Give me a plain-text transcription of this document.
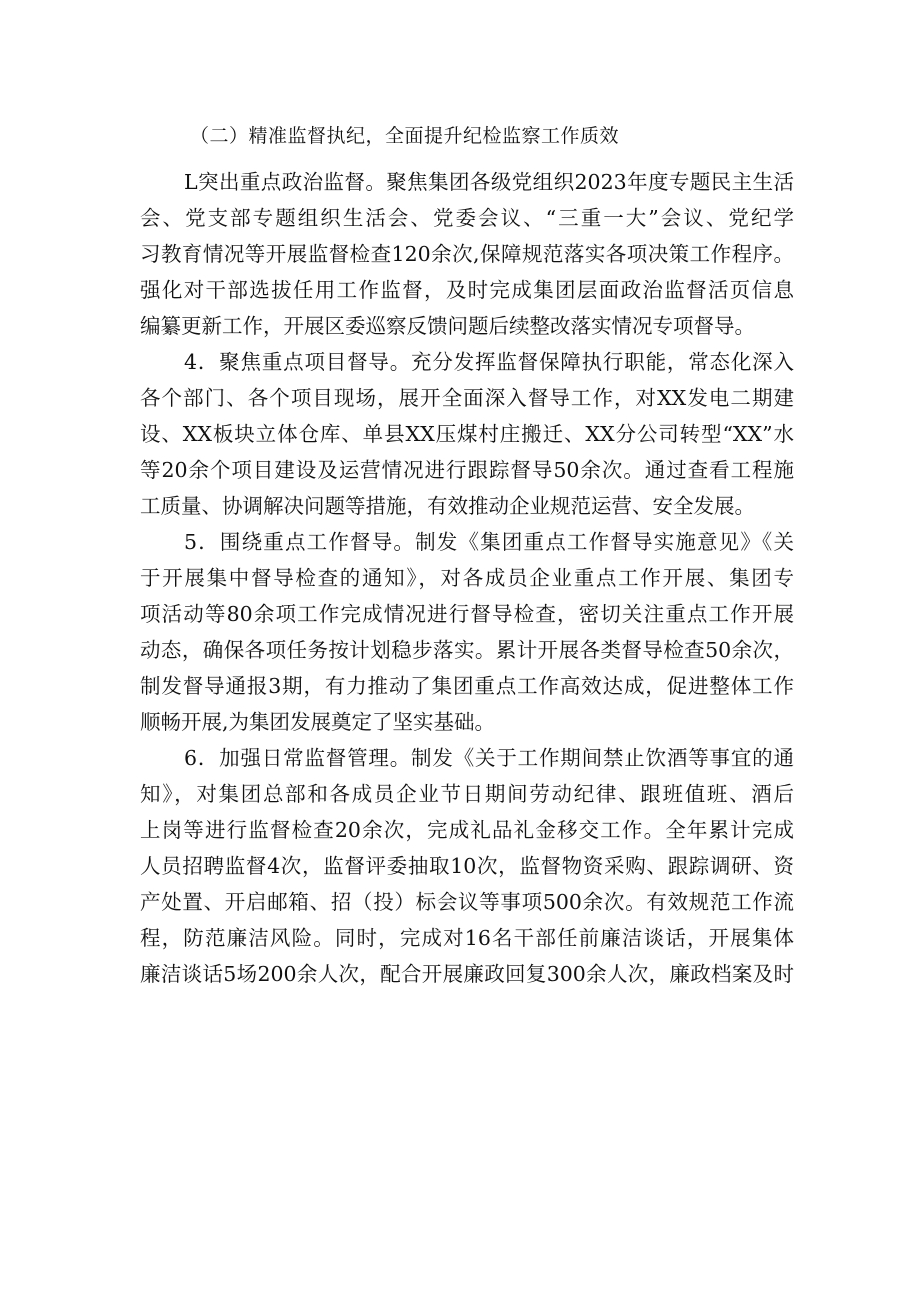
（二）精准监督执纪，全面提升纪检监察工作质效
L突出重点政治监督。聚焦集团各级党组织2023年度专题民主生活
会、党支部专题组织生活会、党委会议、“三重一大”会议、党纪学
习教育情况等开展监督检查120余次,保障规范落实各项决策工作程序。
强化对干部选拔任用工作监督，及时完成集团层面政治监督活页信息
编纂更新工作，开展区委巡察反馈问题后续整改落实情况专项督导。
4．聚焦重点项目督导。充分发挥监督保障执行职能，常态化深入
各个部门、各个项目现场，展开全面深入督导工作，对XX发电二期建
设、XX板块立体仓库、单县XX压煤村庄搬迁、XX分公司转型“XX”水
等20余个项目建设及运营情况进行跟踪督导50余次。通过查看工程施
工质量、协调解决问题等措施，有效推动企业规范运营、安全发展。
5．围绕重点工作督导。制发《集团重点工作督导实施意见》《关
于开展集中督导检查的通知》，对各成员企业重点工作开展、集团专
项活动等80余项工作完成情况进行督导检查，密切关注重点工作开展
动态，确保各项任务按计划稳步落实。累计开展各类督导检查50余次，
制发督导通报3期，有力推动了集团重点工作高效达成，促进整体工作
顺畅开展,为集团发展奠定了坚实基础。
6．加强日常监督管理。制发《关于工作期间禁止饮酒等事宜的通
知》，对集团总部和各成员企业节日期间劳动纪律、跟班值班、酒后
上岗等进行监督检查20余次，完成礼品礼金移交工作。全年累计完成
人员招聘监督4次，监督评委抽取10次，监督物资采购、跟踪调研、资
产处置、开启邮箱、招（投）标会议等事项500余次。有效规范工作流
程，防范廉洁风险。同时，完成对16名干部任前廉洁谈话，开展集体
廉洁谈话5场200余人次，配合开展廉政回复300余人次，廉政档案及时
